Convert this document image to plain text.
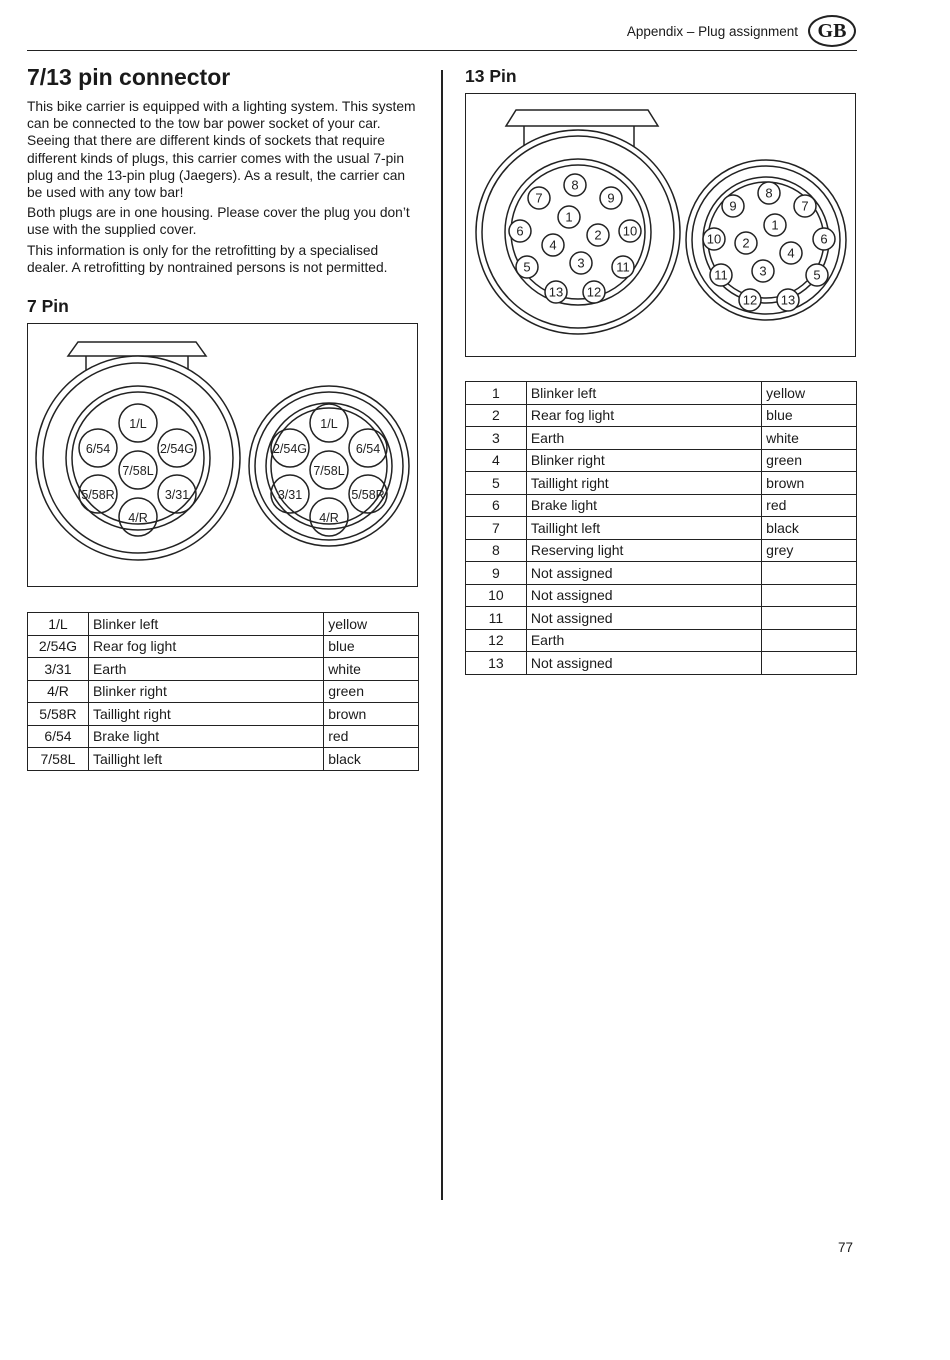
Appendix – Plug assignment GB
7/13 pin connector

This bike carrier is equipped with a lighting system. This system can be connected to the tow bar power socket of your car. Seeing that there are different kinds of sockets that require different kinds of plugs, this carrier comes with the usual 7-pin plug and the 13-pin plug (Jaegers). As a result, the carrier can be used with any tow bar!

Both plugs are in one housing. Please cover the plug you don’t use with the supplied cover.

This information is only for the retrofitting by a specialised dealer. A retrofitting by nontrained persons is not permitted.

7 Pin
1/L
6/54	2/54G
7/58L
5/58R	3/31
4/R
1/L
2/54G	6/54
7/58L
3/31	5/58R
4/R
1/L	Blinker left	yellow
2/54G	Rear fog light	blue
3/31	Earth	white
4/R	Blinker right	green
5/58R	Taillight right	brown
6/54	Brake light	red
7/58L	Taillight left	black
13 Pin
1
2
3
4
5
6
7
8
9
10
11
12
13
1
2
3
4
5
6
7
8
9
10
11
12 13
1	Blinker left	yellow
2	Rear fog light	blue
3	Earth	white
4	Blinker right	green
5	Taillight right	brown
6	Brake light	red
7	Taillight left	black
8	Reserving light	grey
9	Not assigned	
10	Not assigned	
11	Not assigned	
12	Earth	
13	Not assigned	
77
